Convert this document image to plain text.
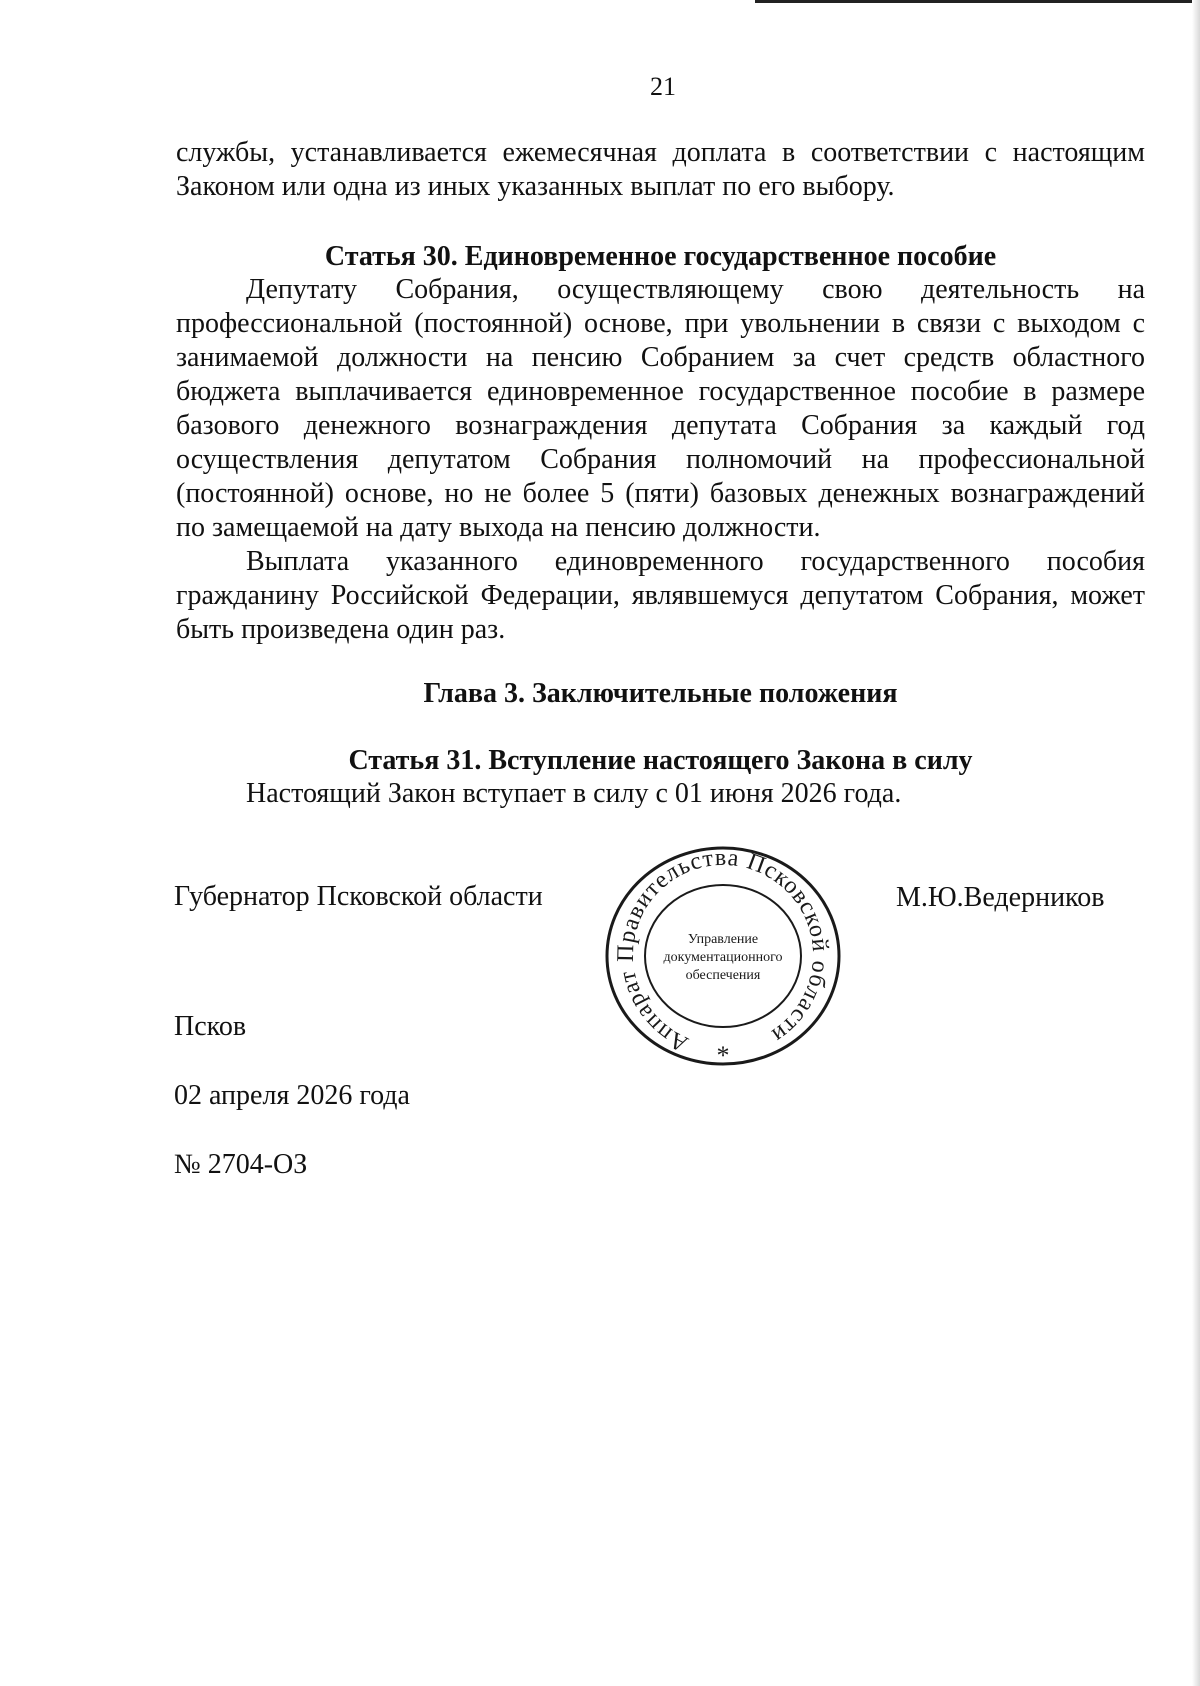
21
службы, устанавливается ежемесячная доплата в соответствии с настоящим Законом или одна из иных указанных выплат по его выбору.
Статья 30. Единовременное государственное пособие
Депутату Собрания, осуществляющему свою деятельность на профессиональной (постоянной) основе, при увольнении в связи с выходом с занимаемой должности на пенсию Собранием за счет средств областного бюджета выплачивается единовременное государственное пособие в размере базового денежного вознаграждения депутата Собрания за каждый год осуществления депутатом Собрания полномочий на профессиональной (постоянной) основе, но не более 5 (пяти) базовых денежных вознаграждений по замещаемой на дату выхода на пенсию должности.
Выплата указанного единовременного государственного пособия гражданину Российской Федерации, являвшемуся депутатом Собрания, может быть произведена один раз.
Глава 3. Заключительные положения
Статья 31. Вступление настоящего Закона в силу
Настоящий Закон вступает в силу с 01 июня 2026 года.
Губернатор Псковской области	М.Ю.Ведерников
Псков
02 апреля 2026 года
№ 2704-ОЗ
Аппарат Правительства Псковской области
Управление
документационного
обеспечения
*
